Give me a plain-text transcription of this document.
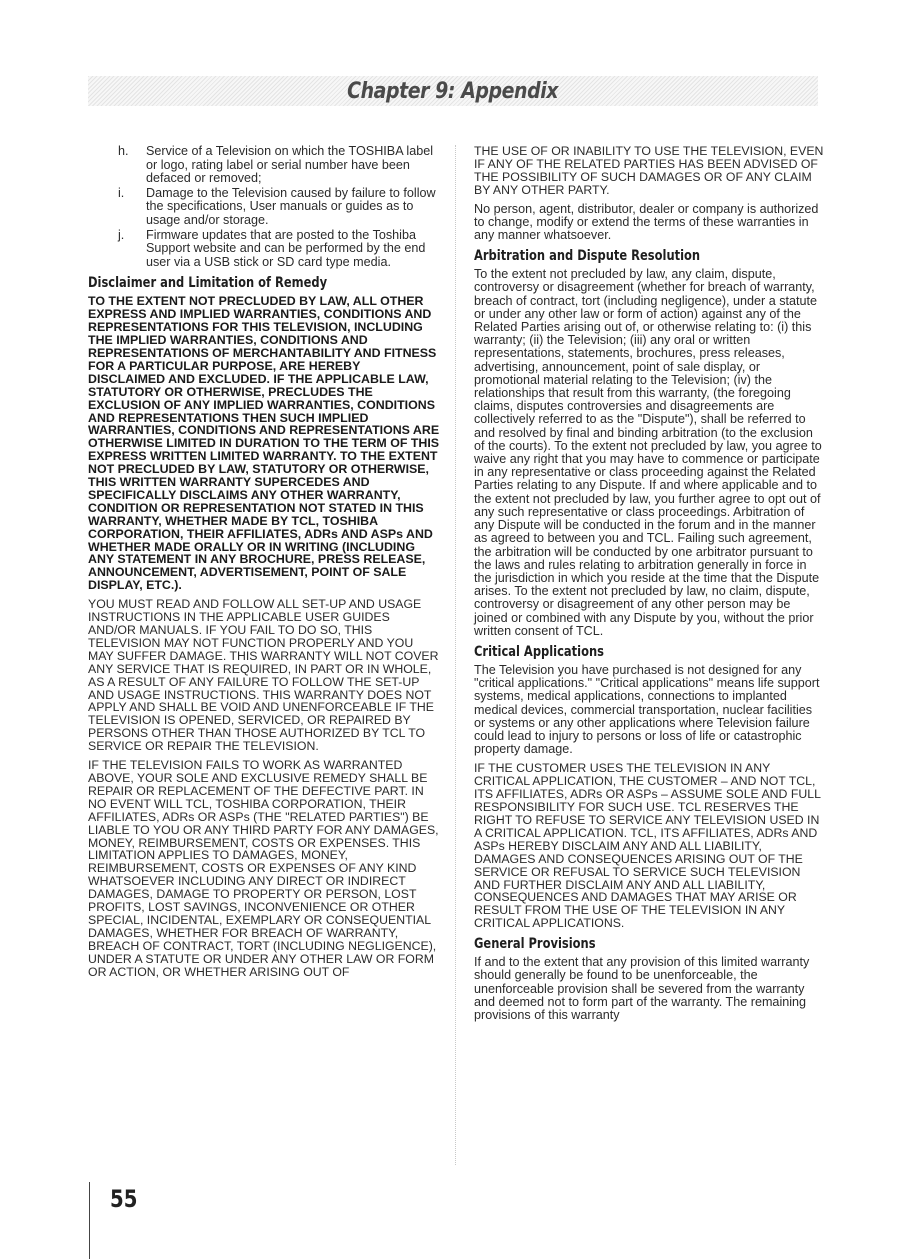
Chapter 9: Appendix
h.	Service of a Television on which the TOSHIBA label or logo, rating label or serial number have been defaced or removed;
i.	Damage to the Television caused by failure to follow the specifications, User manuals or guides as to usage and/or storage.
j.	Firmware updates that are posted to the Toshiba Support website and can be performed by the end user via a USB stick or SD card type media.
Disclaimer and Limitation of Remedy

TO THE EXTENT NOT PRECLUDED BY LAW, ALL OTHER EXPRESS AND IMPLIED WARRANTIES, CONDITIONS AND REPRESENTATIONS FOR THIS TELEVISION, INCLUDING THE IMPLIED WARRANTIES, CONDITIONS AND REPRESENTATIONS OF MERCHANTABILITY AND FITNESS FOR A PARTICULAR PURPOSE, ARE HEREBY DISCLAIMED AND EXCLUDED. IF THE APPLICABLE LAW, STATUTORY OR OTHERWISE, PRECLUDES THE EXCLUSION OF ANY IMPLIED WARRANTIES, CONDITIONS AND REPRESENTATIONS THEN SUCH IMPLIED WARRANTIES, CONDITIONS AND REPRESENTATIONS ARE OTHERWISE LIMITED IN DURATION TO THE TERM OF THIS EXPRESS WRITTEN LIMITED WARRANTY. TO THE EXTENT NOT PRECLUDED BY LAW, STATUTORY OR OTHERWISE, THIS WRITTEN WARRANTY SUPERCEDES AND SPECIFICALLY DISCLAIMS ANY OTHER WARRANTY, CONDITION OR REPRESENTATION NOT STATED IN THIS WARRANTY, WHETHER MADE BY TCL, TOSHIBA CORPORATION, THEIR AFFILIATES, ADRs AND ASPs AND WHETHER MADE ORALLY OR IN WRITING (INCLUDING ANY STATEMENT IN ANY BROCHURE, PRESS RELEASE, ANNOUNCEMENT, ADVERTISEMENT, POINT OF SALE DISPLAY, ETC.).

YOU MUST READ AND FOLLOW ALL SET-UP AND USAGE INSTRUCTIONS IN THE APPLICABLE USER GUIDES AND/OR MANUALS. IF YOU FAIL TO DO SO, THIS TELEVISION MAY NOT FUNCTION PROPERLY AND YOU MAY SUFFER DAMAGE. THIS WARRANTY WILL NOT COVER ANY SERVICE THAT IS REQUIRED, IN PART OR IN WHOLE, AS A RESULT OF ANY FAILURE TO FOLLOW THE SET-UP AND USAGE INSTRUCTIONS. THIS WARRANTY DOES NOT APPLY AND SHALL BE VOID AND UNENFORCEABLE IF THE TELEVISION IS OPENED, SERVICED, OR REPAIRED BY PERSONS OTHER THAN THOSE AUTHORIZED BY TCL TO SERVICE OR REPAIR THE TELEVISION.

IF THE TELEVISION FAILS TO WORK AS WARRANTED ABOVE, YOUR SOLE AND EXCLUSIVE REMEDY SHALL BE REPAIR OR REPLACEMENT OF THE DEFECTIVE PART. IN NO EVENT WILL TCL, TOSHIBA CORPORATION, THEIR AFFILIATES, ADRs OR ASPs (THE "RELATED PARTIES") BE LIABLE TO YOU OR ANY THIRD PARTY FOR ANY DAMAGES, MONEY, REIMBURSEMENT, COSTS OR EXPENSES. THIS LIMITATION APPLIES TO DAMAGES, MONEY, REIMBURSEMENT, COSTS OR EXPENSES OF ANY KIND WHATSOEVER INCLUDING ANY DIRECT OR INDIRECT DAMAGES, DAMAGE TO PROPERTY OR PERSON, LOST PROFITS, LOST SAVINGS, INCONVENIENCE OR OTHER SPECIAL, INCIDENTAL, EXEMPLARY OR CONSEQUENTIAL DAMAGES, WHETHER FOR BREACH OF WARRANTY, BREACH OF CONTRACT, TORT (INCLUDING NEGLIGENCE), UNDER A STATUTE OR UNDER ANY OTHER LAW OR FORM OR ACTION, OR WHETHER ARISING OUT OF

THE USE OF OR INABILITY TO USE THE TELEVISION, EVEN IF ANY OF THE RELATED PARTIES HAS BEEN ADVISED OF THE POSSIBILITY OF SUCH DAMAGES OR OF ANY CLAIM BY ANY OTHER PARTY.

No person, agent, distributor, dealer or company is authorized to change, modify or extend the terms of these warranties in any manner whatsoever.

Arbitration and Dispute Resolution

To the extent not precluded by law, any claim, dispute, controversy or disagreement (whether for breach of warranty, breach of contract, tort (including negligence), under a statute or under any other law or form of action) against any of the Related Parties arising out of, or otherwise relating to: (i) this warranty; (ii) the Television; (iii) any oral or written representations, statements, brochures, press releases, advertising, announcement, point of sale display, or promotional material relating to the Television; (iv) the relationships that result from this warranty, (the foregoing claims, disputes controversies and disagreements are collectively referred to as the "Dispute"), shall be referred to and resolved by final and binding arbitration (to the exclusion of the courts). To the extent not precluded by law, you agree to waive any right that you may have to commence or participate in any representative or class proceeding against the Related Parties relating to any Dispute. If and where applicable and to the extent not precluded by law, you further agree to opt out of any such representative or class proceedings. Arbitration of any Dispute will be conducted in the forum and in the manner as agreed to between you and TCL. Failing such agreement, the arbitration will be conducted by one arbitrator pursuant to the laws and rules relating to arbitration generally in force in the jurisdiction in which you reside at the time that the Dispute arises. To the extent not precluded by law, no claim, dispute, controversy or disagreement of any other person may be joined or combined with any Dispute by you, without the prior written consent of TCL.

Critical Applications

The Television you have purchased is not designed for any "critical applications." "Critical applications" means life support systems, medical applications, connections to implanted medical devices, commercial transportation, nuclear facilities or systems or any other applications where Television failure could lead to injury to persons or loss of life or catastrophic property damage.

IF THE CUSTOMER USES THE TELEVISION IN ANY CRITICAL APPLICATION, THE CUSTOMER – AND NOT TCL, ITS AFFILIATES, ADRs OR ASPs – ASSUME SOLE AND FULL RESPONSIBILITY FOR SUCH USE. TCL RESERVES THE RIGHT TO REFUSE TO SERVICE ANY TELEVISION USED IN A CRITICAL APPLICATION. TCL, ITS AFFILIATES, ADRs AND ASPs HEREBY DISCLAIM ANY AND ALL LIABILITY, DAMAGES AND CONSEQUENCES ARISING OUT OF THE SERVICE OR REFUSAL TO SERVICE SUCH TELEVISION AND FURTHER DISCLAIM ANY AND ALL LIABILITY, CONSEQUENCES AND DAMAGES THAT MAY ARISE OR RESULT FROM THE USE OF THE TELEVISION IN ANY CRITICAL APPLICATIONS.

General Provisions

If and to the extent that any provision of this limited warranty should generally be found to be unenforceable, the unenforceable provision shall be severed from the warranty and deemed not to form part of the warranty. The remaining provisions of this warranty

55
